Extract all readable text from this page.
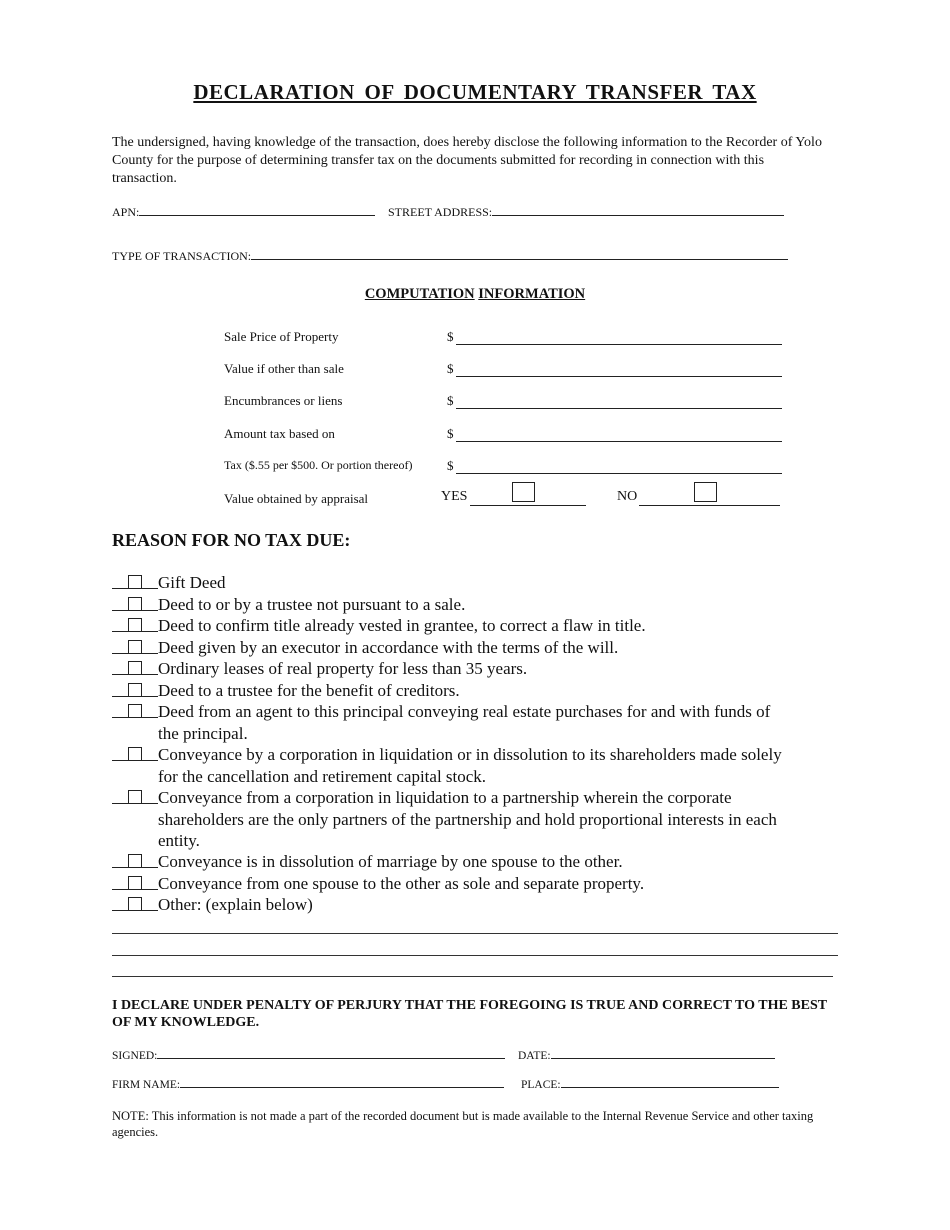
DECLARATION OF DOCUMENTARY TRANSFER TAX
The undersigned, having knowledge of the transaction, does hereby disclose the following information to the Recorder of Yolo County for the purpose of determining transfer tax on the documents submitted for recording in connection with this transaction.
APN:	STREET ADDRESS:
TYPE OF TRANSACTION:
COMPUTATION INFORMATION
Sale Price of Property	$
Value if other than sale	$
Encumbrances or liens	$
Amount tax based on	$
Tax ($.55 per $500. Or portion thereof)	$
Value obtained by appraisal	YES	NO
REASON FOR NO TAX DUE:
Gift Deed
Deed to or by a trustee not pursuant to a sale.
Deed to confirm title already vested in grantee, to correct a flaw in title.
Deed given by an executor in accordance with the terms of the will.
Ordinary leases of real property for less than 35 years.
Deed to a trustee for the benefit of creditors.
Deed from an agent to this principal conveying real estate purchases for and with funds of the principal.
Conveyance by a corporation in liquidation or in dissolution to its shareholders made solely for the cancellation and retirement capital stock.
Conveyance from a corporation in liquidation to a partnership wherein the corporate shareholders are the only partners of the partnership and hold proportional interests in each entity.
Conveyance is in dissolution of marriage by one spouse to the other.
Conveyance from one spouse to the other as sole and separate property.
Other: (explain below)
I DECLARE UNDER PENALTY OF PERJURY THAT THE FOREGOING IS TRUE AND CORRECT TO THE BEST OF MY KNOWLEDGE.
SIGNED:	DATE:
FIRM NAME:	PLACE:
NOTE: This information is not made a part of the recorded document but is made available to the Internal Revenue Service and other taxing agencies.
